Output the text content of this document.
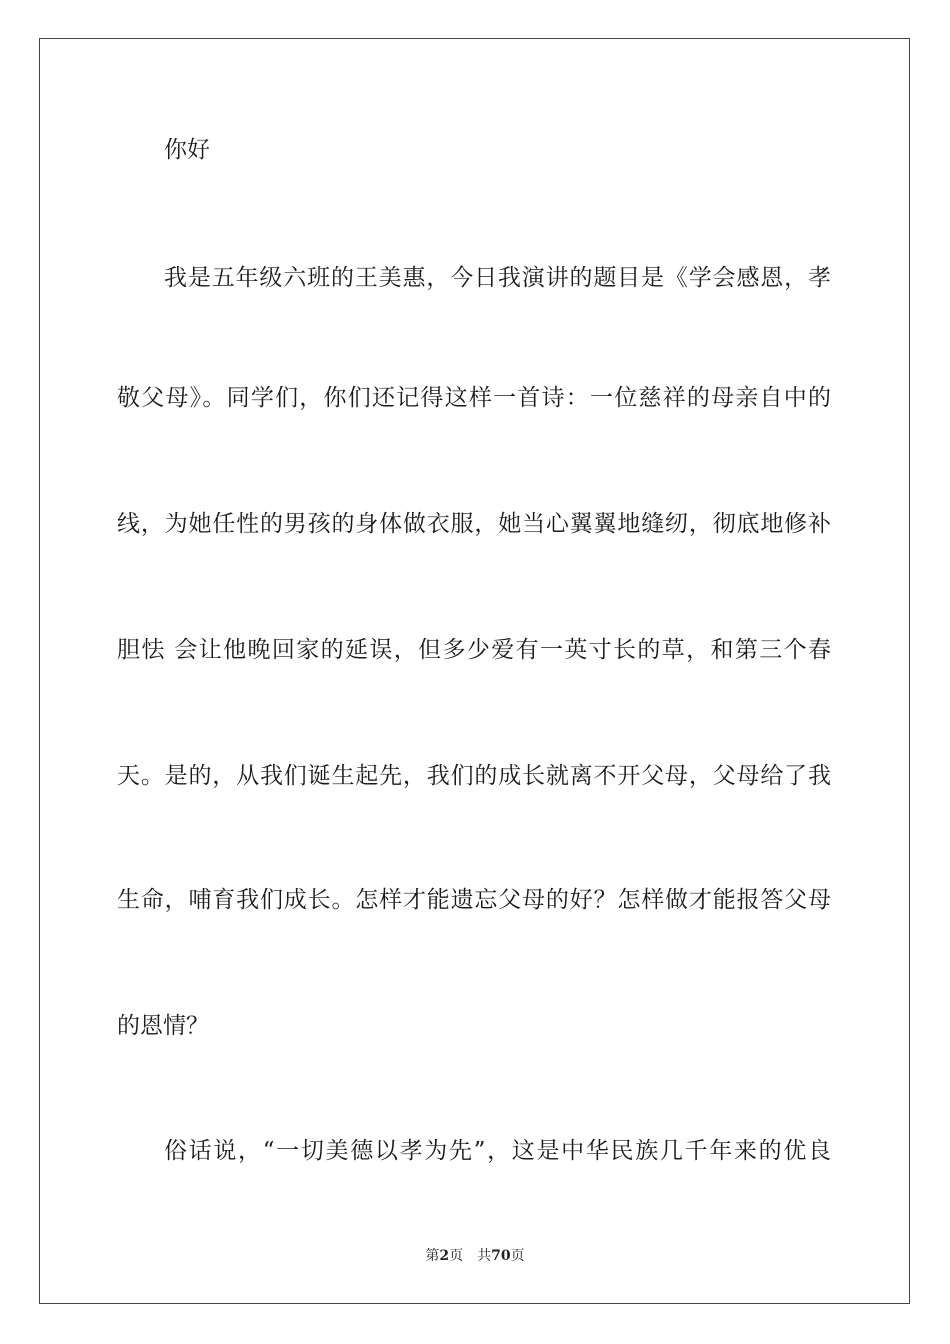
你好
我是五年级六班的王美惠，今日我演讲的题目是《学会感恩，孝
敬父母》。同学们，你们还记得这样一首诗：一位慈祥的母亲自中的
线，为她任性的男孩的身体做衣服，她当心翼翼地缝纫，彻底地修补
胆怯 会让他晚回家的延误，但多少爱有一英寸长的草，和第三个春
天。是的，从我们诞生起先，我们的成长就离不开父母，父母给了我
生命，哺育我们成长。怎样才能遗忘父母的好？怎样做才能报答父母
的恩情？
俗话说，“一切美德以孝为先”，这是中华民族几千年来的优良
第2页 共70页
